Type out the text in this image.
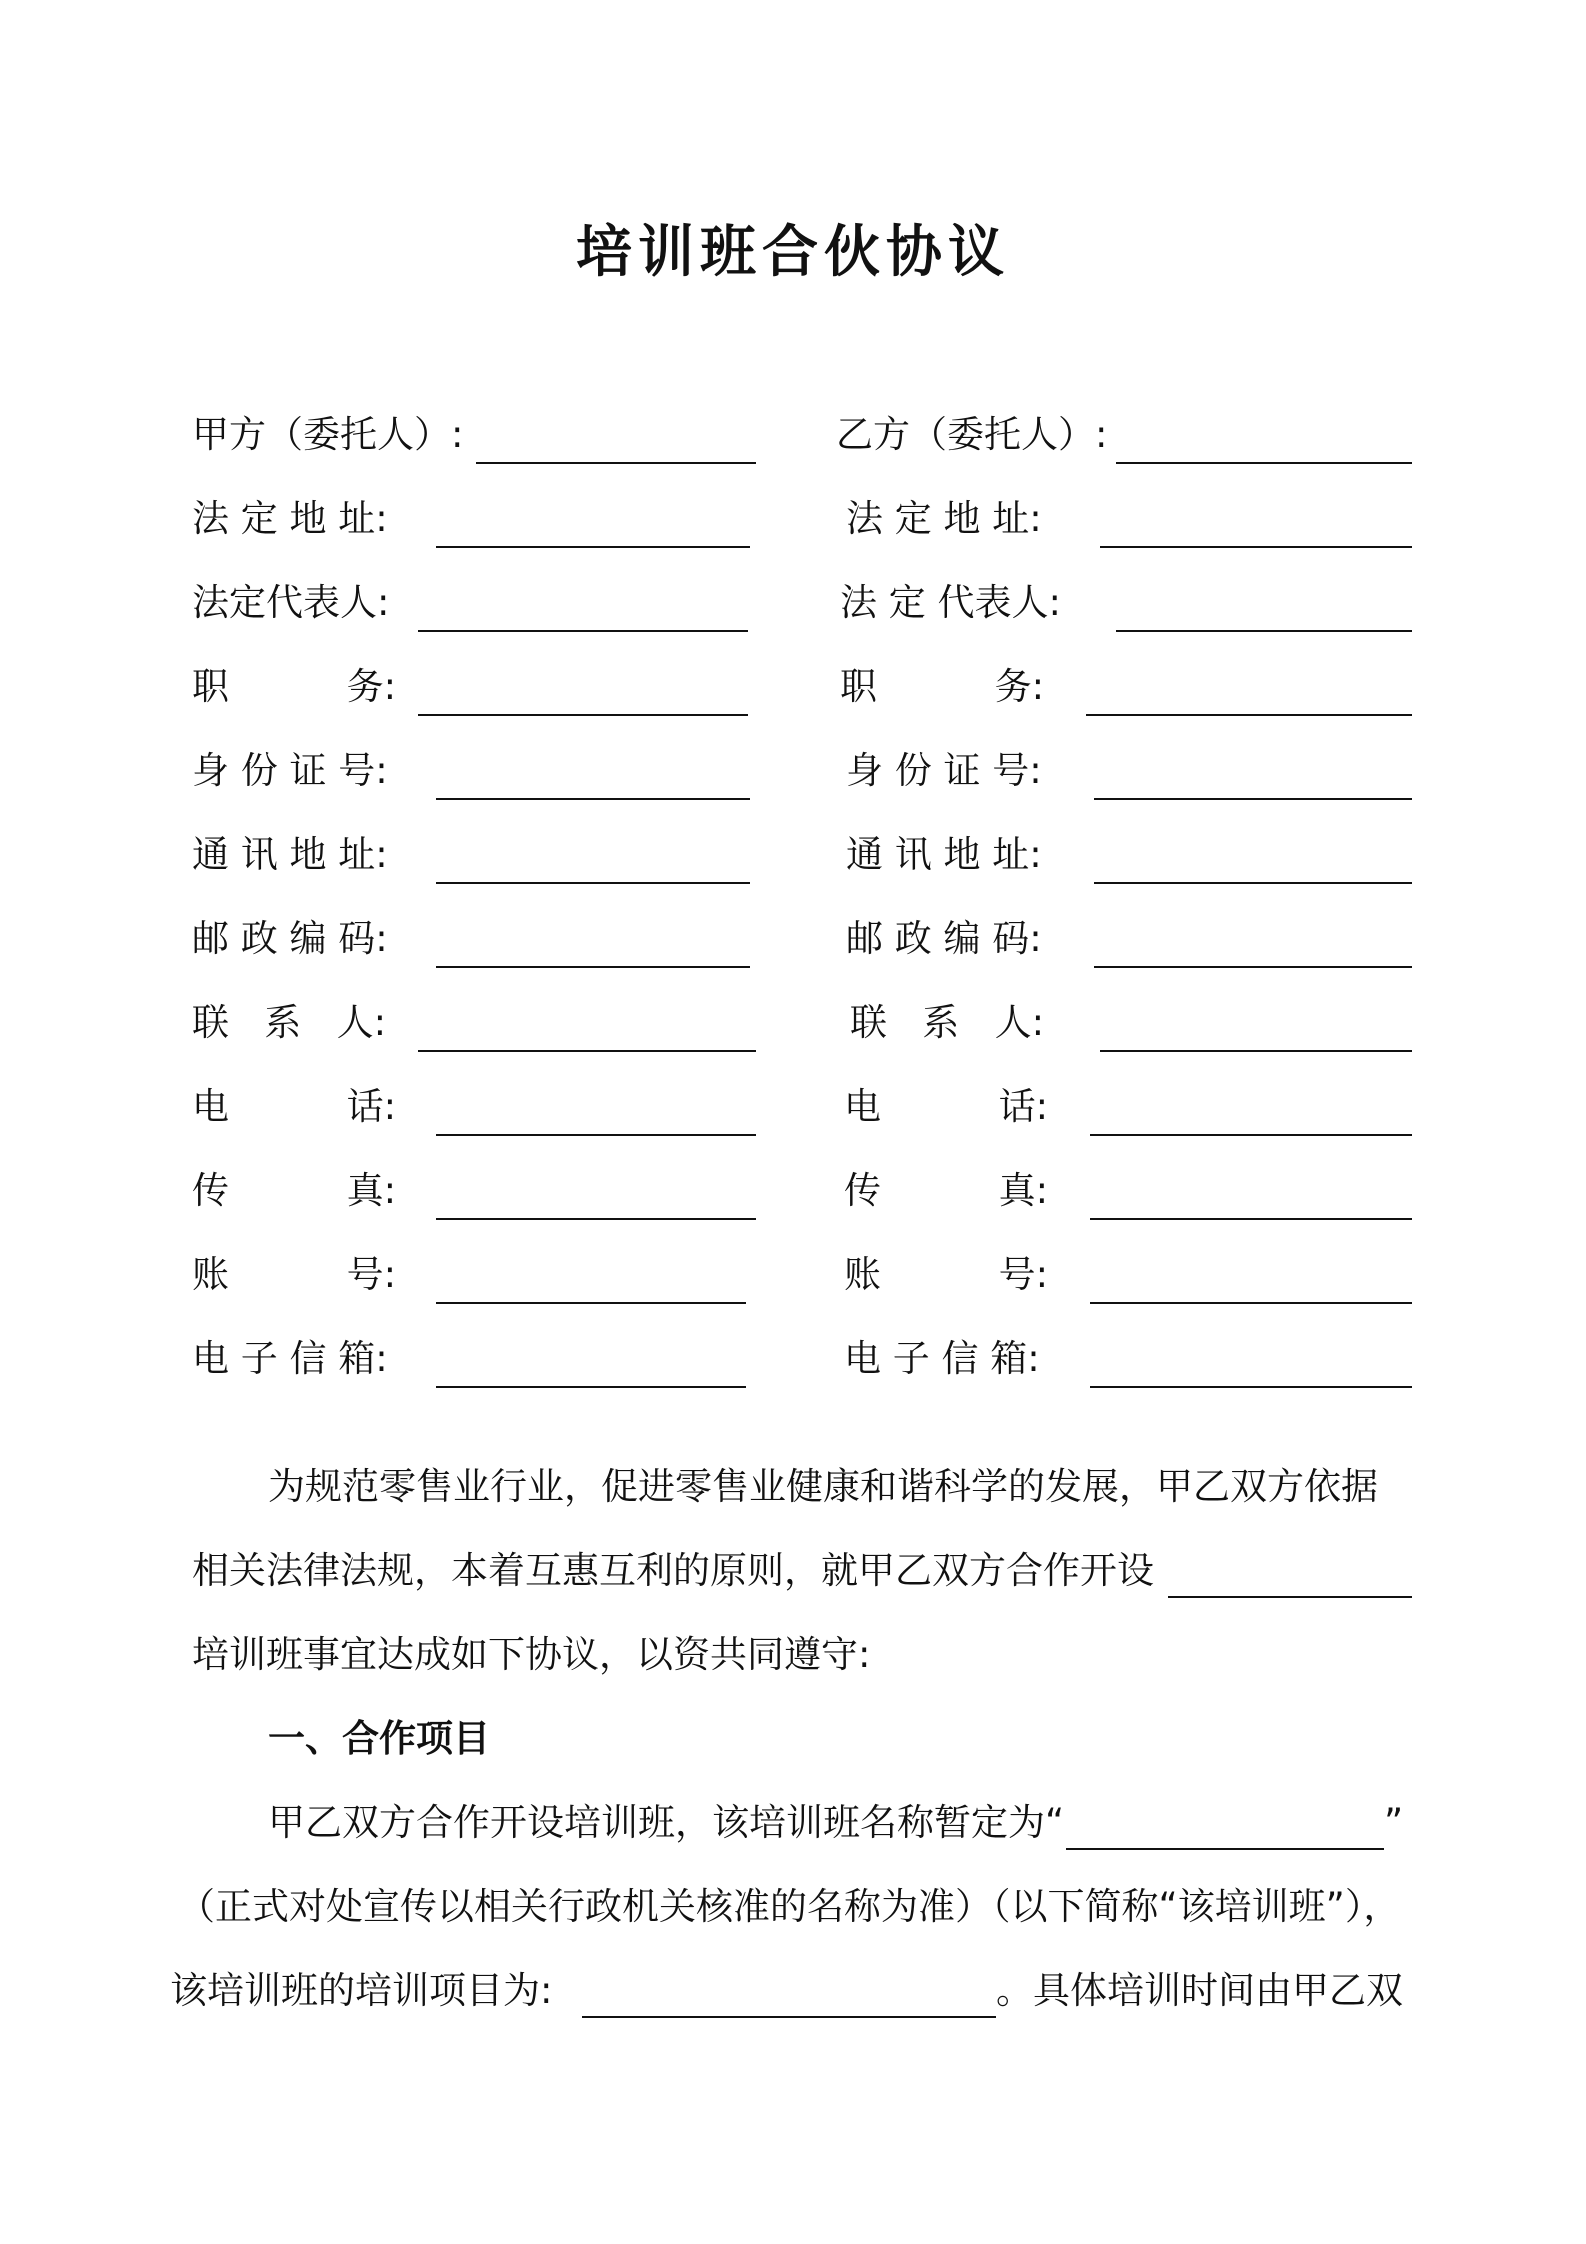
培训班合伙协议
甲方（委托人）:
法 定 地 址:
法定代表人:
职          务:
身 份 证 号:
通 讯 地 址:
邮 政 编 码:
联   系   人:
电          话:
传          真:
账          号:
电 子 信 箱:
乙方（委托人）:
法 定 地 址:
法 定 代表人:
职          务:
身 份 证 号:
通 讯 地 址:
邮 政 编 码:
联   系   人:
电          话:
传          真:
账          号:
电 子 信 箱:
为规范零售业行业，促进零售业健康和谐科学的发展，甲乙双方依据
相关法律法规，本着互惠互利的原则，就甲乙双方合作开设
培训班事宜达成如下协议，以资共同遵守:
一、合作项目
甲乙双方合作开设培训班，该培训班名称暂定为“	”
（正式对处宣传以相关行政机关核准的名称为准）（以下简称“该培训班”），
该培训班的培训项目为:	。具体培训时间由甲乙双
